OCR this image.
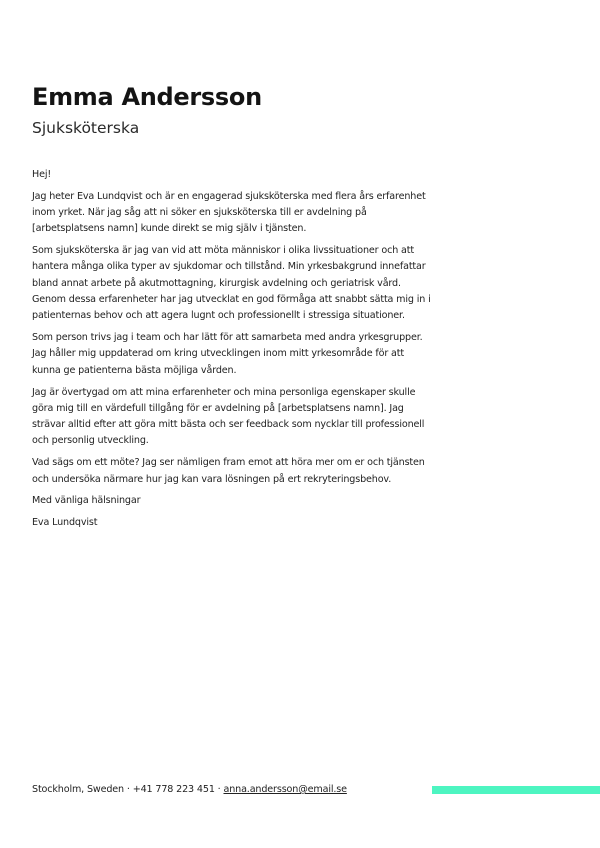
Emma Andersson
Sjuksköterska

Hej!

Jag heter Eva Lundqvist och är en engagerad sjuksköterska med flera års erfarenhet inom yrket. När jag såg att ni söker en sjuksköterska till er avdelning på [arbetsplatsens namn] kunde direkt se mig själv i tjänsten.

Som sjuksköterska är jag van vid att möta människor i olika livssituationer och att hantera många olika typer av sjukdomar och tillstånd. Min yrkesbakgrund innefattar bland annat arbete på akutmottagning, kirurgisk avdelning och geriatrisk vård. Genom dessa erfarenheter har jag utvecklat en god förmåga att snabbt sätta mig in i patienternas behov och att agera lugnt och professionellt i stressiga situationer.

Som person trivs jag i team och har lätt för att samarbeta med andra yrkesgrupper. Jag håller mig uppdaterad om kring utvecklingen inom mitt yrkesområde för att kunna ge patienterna bästa möjliga vården.

Jag är övertygad om att mina erfarenheter och mina personliga egenskaper skulle göra mig till en värdefull tillgång för er avdelning på [arbetsplatsens namn]. Jag strävar alltid efter att göra mitt bästa och ser feedback som nycklar till professionell och personlig utveckling.

Vad sägs om ett möte? Jag ser nämligen fram emot att höra mer om er och tjänsten och undersöka närmare hur jag kan vara lösningen på ert rekryteringsbehov.

Med vänliga hälsningar

Eva Lundqvist

Stockholm, Sweden · +41 778 223 451 · anna.andersson@email.se
